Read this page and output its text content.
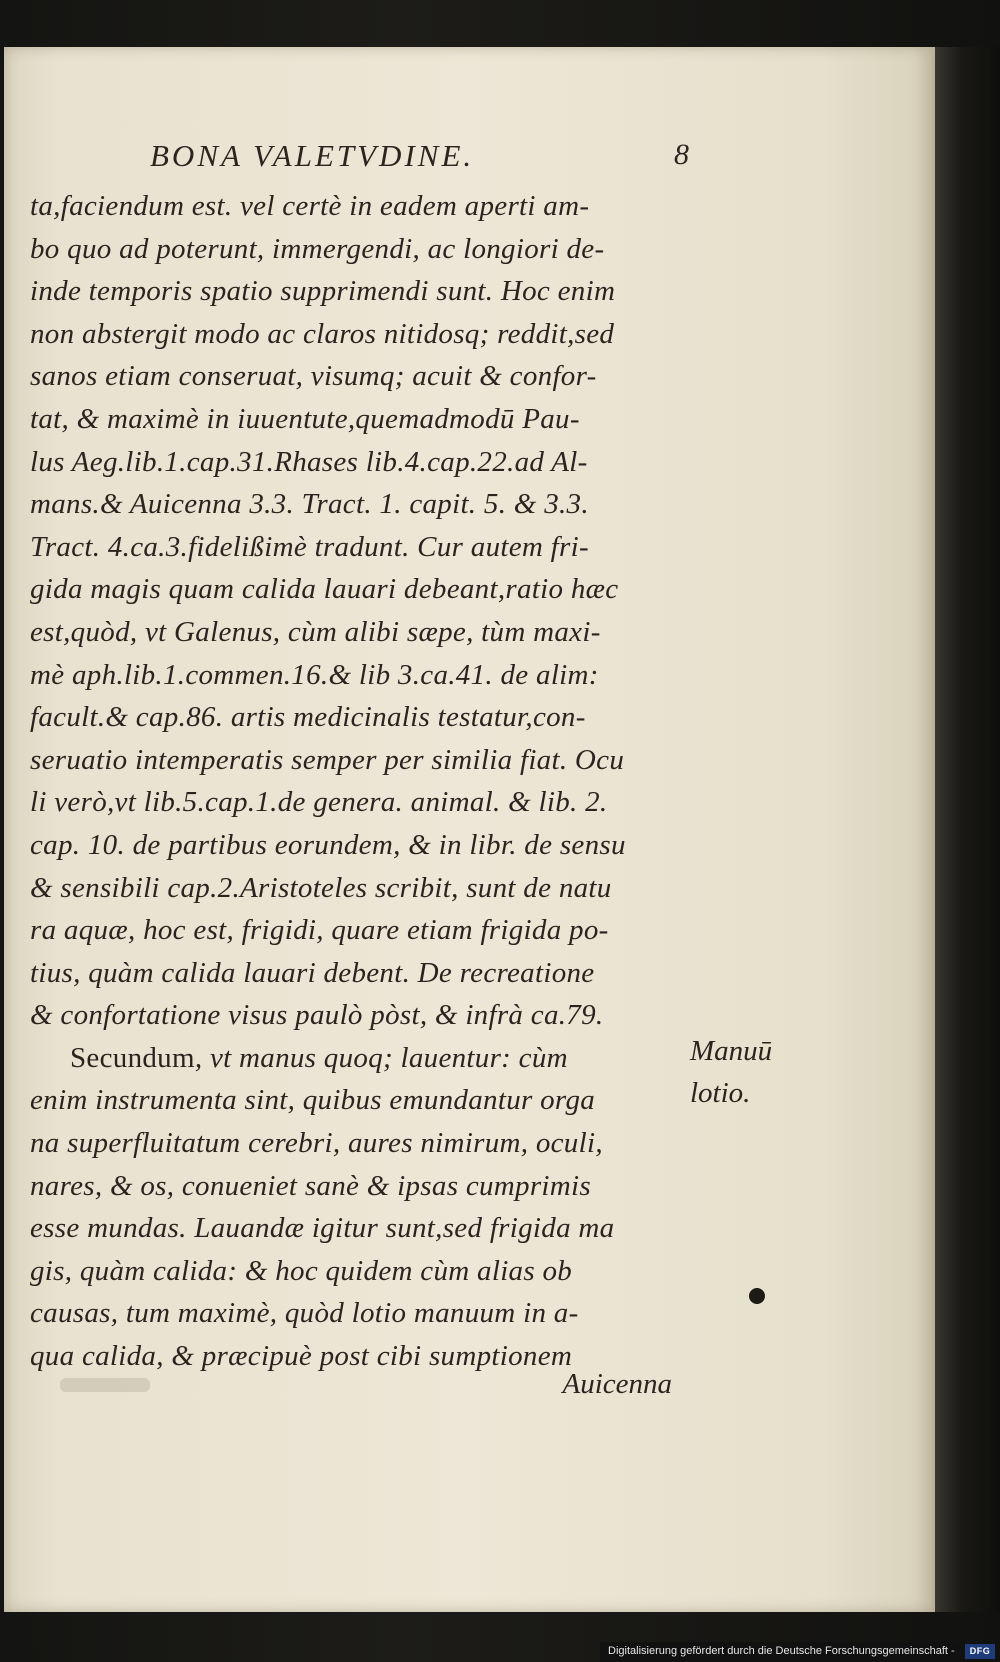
BONA VALETVDINE.	8
ta,faciendum est. vel certè in eadem aperti am-
bo quo ad poterunt, immergendi, ac longiori de-
inde temporis spatio supprimendi sunt. Hoc enim
non abstergit modo ac claros nitidosq; reddit,sed
sanos etiam conseruat, visumq; acuit & confor-
tat, & maximè in iuuentute,quemadmodū Pau-
lus Aeg.lib.1.cap.31.Rhases lib.4.cap.22.ad Al-
mans.& Auicenna 3.3. Tract. 1. capit. 5. & 3.3.
Tract. 4.ca.3.fidelißimè tradunt. Cur autem fri-
gida magis quam calida lauari debeant,ratio hæc
est,quòd, vt Galenus, cùm alibi sæpe, tùm maxi-
mè aph.lib.1.commen.16.& lib 3.ca.41. de alim:
facult.& cap.86. artis medicinalis testatur,con-
seruatio intemperatis semper per similia fiat. Ocu
li verò,vt lib.5.cap.1.de genera. animal. & lib. 2.
cap. 10. de partibus eorundem, & in libr. de sensu
& sensibili cap.2.Aristoteles scribit, sunt de natu
ra aquæ, hoc est, frigidi, quare etiam frigida po-
tius, quàm calida lauari debent. De recreatione
& confortatione visus paulò pòst, & infrà ca.79.
Secundum, vt manus quoq; lauentur: cùm
enim instrumenta sint, quibus emundantur orga
na superfluitatum cerebri, aures nimirum, oculi,
nares, & os, conueniet sanè & ipsas cumprimis
esse mundas. Lauandæ igitur sunt,sed frigida ma
gis, quàm calida: & hoc quidem cùm alias ob
causas, tum maximè, quòd lotio manuum in a-
qua calida, & præcipuè post cibi sumptionem
Manuū
lotio.
Auicenna
Digitalisierung gefördert durch die Deutsche Forschungsgemeinschaft -	DFG
